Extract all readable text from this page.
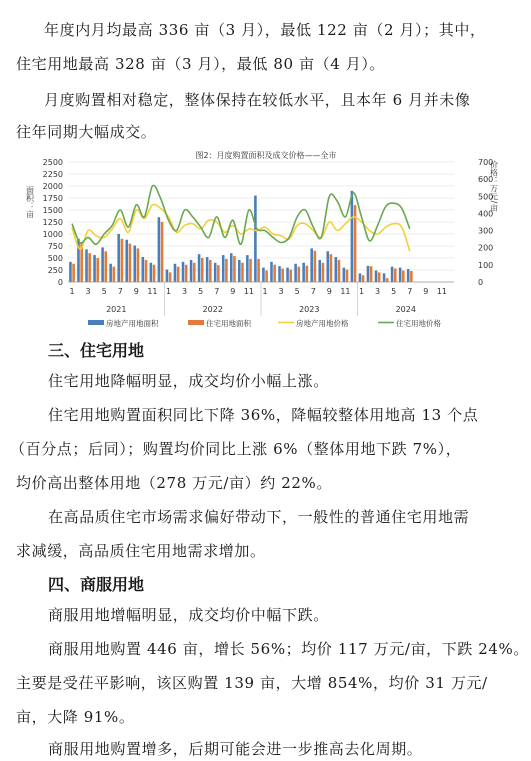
年度内月均最高 336 亩（3 月），最低 122 亩（2 月）；其中，
住宅用地最高 328 亩（3 月），最低 80 亩（4 月）。
月度购置相对稳定，整体保持在较低水平，且本年 6 月并未像
往年同期大幅成交。
0
250
500
750
1000
1250
1500
1750
2000
2250
2500
0
100
200
300
400
500
600
700
1 3 5 7 9 11 1 3 5 7 9 11 1 3 5 7 9 11 1 3 5 7 9 11
2021	2022	2023	2024
图2：月度购置面积及成交价格——全市
面积：亩	价格：万元/亩
房地产用地面积	住宅用地面积	房地产用地价格	住宅用地价格
三、住宅用地
住宅用地降幅明显，成交均价小幅上涨。
住宅用地购置面积同比下降 36%，降幅较整体用地高 13 个点
（百分点；后同）；购置均价同比上涨 6%（整体用地下跌 7%），
均价高出整体用地（278 万元/亩）约 22%。
在高品质住宅市场需求偏好带动下，一般性的普通住宅用地需
求减缓，高品质住宅用地需求增加。
四、商服用地
商服用地增幅明显，成交均价中幅下跌。
商服用地购置 446 亩，增长 56%；均价 117 万元/亩，下跌 24%。
主要是受茌平影响，该区购置 139 亩，大增 854%，均价 31 万元/
亩，大降 91%。
商服用地购置增多，后期可能会进一步推高去化周期。
